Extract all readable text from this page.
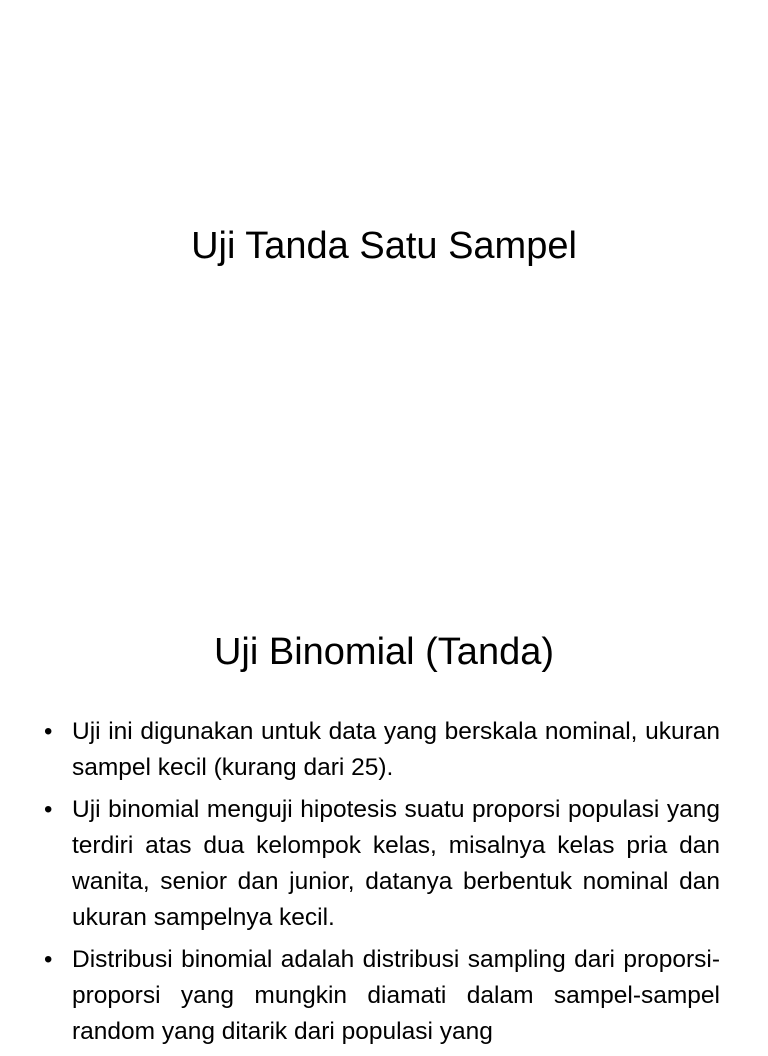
Uji Tanda Satu Sampel
Uji Binomial (Tanda)
• Uji ini digunakan untuk data yang berskala nominal, ukuran sampel kecil (kurang dari 25).
• Uji binomial menguji hipotesis suatu proporsi populasi yang terdiri atas dua kelompok kelas, misalnya kelas pria dan wanita, senior dan junior, datanya berbentuk nominal dan ukuran sampelnya kecil.
• Distribusi binomial adalah distribusi sampling dari proporsi-proporsi yang mungkin diamati dalam sampel-sampel random yang ditarik dari populasi yang
